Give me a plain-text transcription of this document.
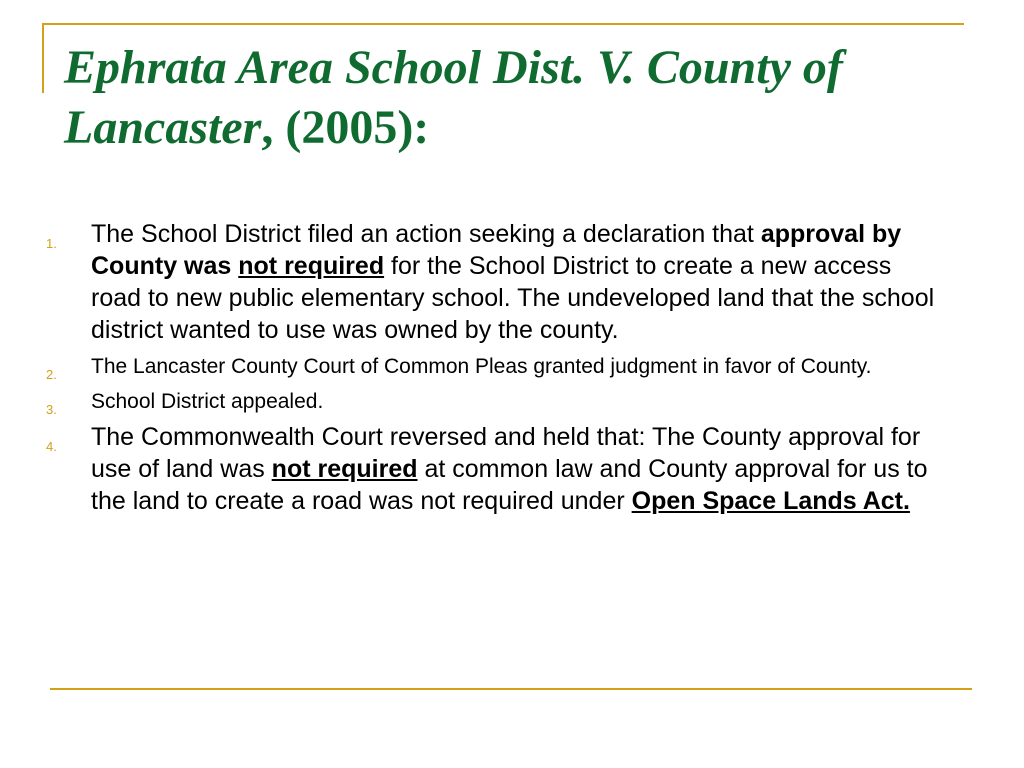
Ephrata Area School Dist. V. County of Lancaster, (2005):
1. The School District filed an action seeking a declaration that approval by County was not required for the School District to create a new access road to new public elementary school. The undeveloped land that the school district wanted to use was owned by the county.
2. The Lancaster County Court of Common Pleas granted judgment in favor of County.
3. School District appealed.
4. The Commonwealth Court reversed and held that: The County approval for use of land was not required at common law and County approval for us to the land to create a road was not required under Open Space Lands Act.
